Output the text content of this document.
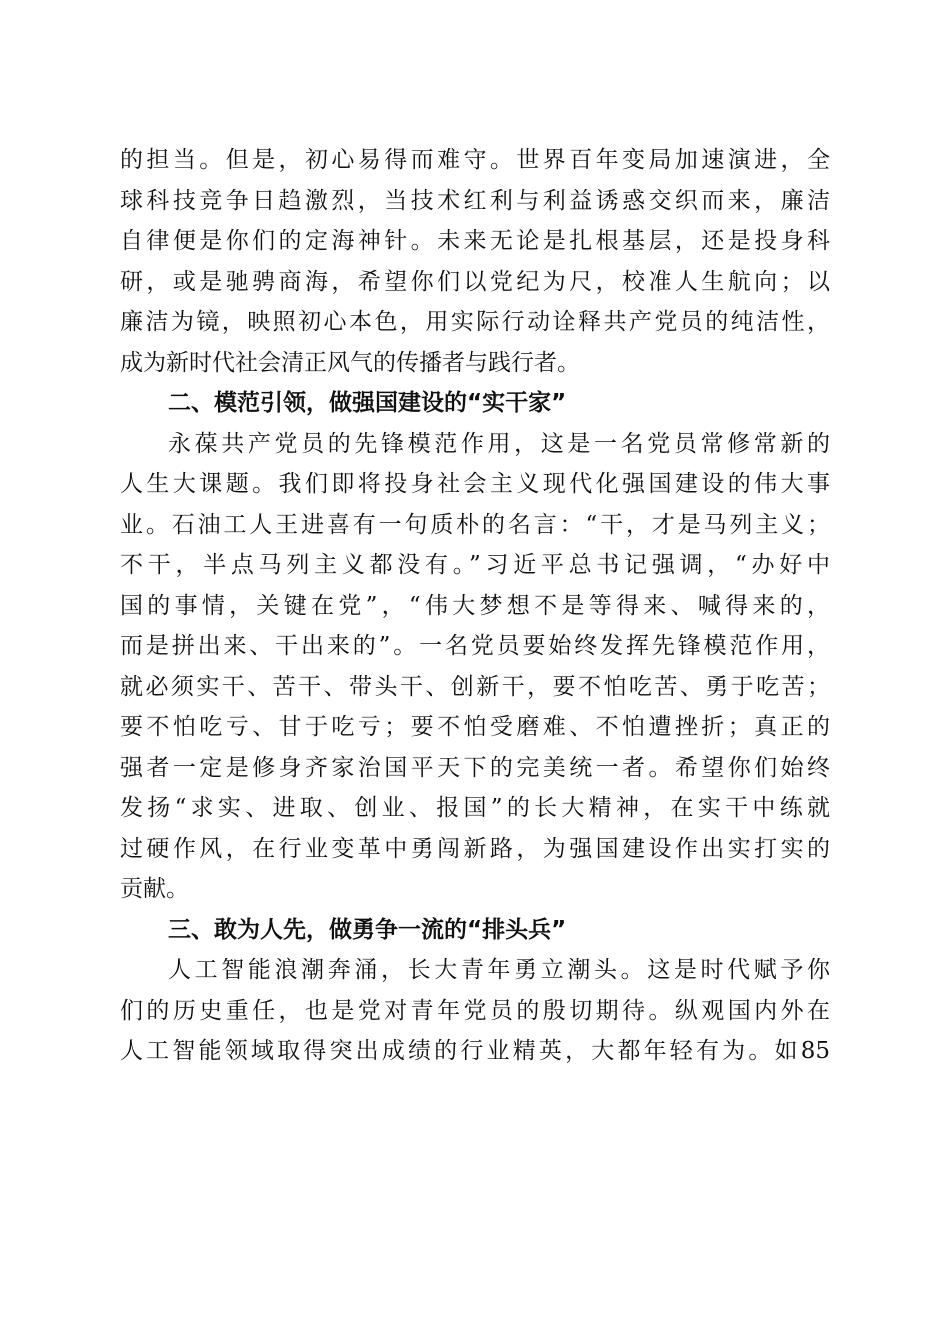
的担当。但是，初心易得而难守。世界百年变局加速演进，全
球科技竞争日趋激烈，当技术红利与利益诱惑交织而来，廉洁
自律便是你们的定海神针。未来无论是扎根基层，还是投身科
研，或是驰骋商海，希望你们以党纪为尺，校准人生航向；以
廉洁为镜，映照初心本色，用实际行动诠释共产党员的纯洁性，
成为新时代社会清正风气的传播者与践行者。
二、模范引领，做强国建设的“实干家”
永葆共产党员的先锋模范作用，这是一名党员常修常新的
人生大课题。我们即将投身社会主义现代化强国建设的伟大事
业。石油工人王进喜有一句质朴的名言：“干，才是马列主义；
不干，半点马列主义都没有。”习近平总书记强调，“办好中
国的事情，关键在党”，“伟大梦想不是等得来、喊得来的，
而是拼出来、干出来的”。一名党员要始终发挥先锋模范作用，
就必须实干、苦干、带头干、创新干，要不怕吃苦、勇于吃苦；
要不怕吃亏、甘于吃亏；要不怕受磨难、不怕遭挫折；真正的
强者一定是修身齐家治国平天下的完美统一者。希望你们始终
发扬“求实、进取、创业、报国”的长大精神，在实干中练就
过硬作风，在行业变革中勇闯新路，为强国建设作出实打实的
贡献。
三、敢为人先，做勇争一流的“排头兵”
人工智能浪潮奔涌，长大青年勇立潮头。这是时代赋予你
们的历史重任，也是党对青年党员的殷切期待。纵观国内外在
人工智能领域取得突出成绩的行业精英，大都年轻有为。如85
